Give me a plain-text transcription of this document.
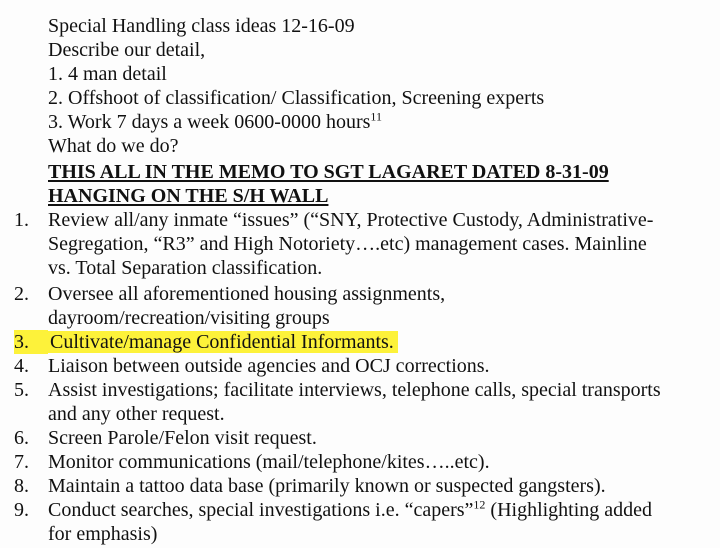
Special Handling class ideas 12-16-09
Describe our detail,
1. 4 man detail
2. Offshoot of classification/ Classification, Screening experts
3. Work 7 days a week 0600-0000 hours$^{11}$
What do we do?
THIS ALL IN THE MEMO TO SGT LAGARET DATED 8-31-09
HANGING ON THE S/H WALL
1. Review all/any inmate “issues” (“SNY, Protective Custody, Administrative-
Segregation, “R3” and High Notoriety….etc) management cases. Mainline
vs. Total Separation classification.
2. Oversee all aforementioned housing assignments,
dayroom/recreation/visiting groups
3.	Cultivate/manage Confidential Informants.
4. Liaison between outside agencies and OCJ corrections.
5. Assist investigations; facilitate interviews, telephone calls, special transports
and any other request.
6. Screen Parole/Felon visit request.
7. Monitor communications (mail/telephone/kites…..etc).
8. Maintain a tattoo data base (primarily known or suspected gangsters).
9. Conduct searches, special investigations i.e. “capers”$^{12}$ (Highlighting added
for emphasis)
